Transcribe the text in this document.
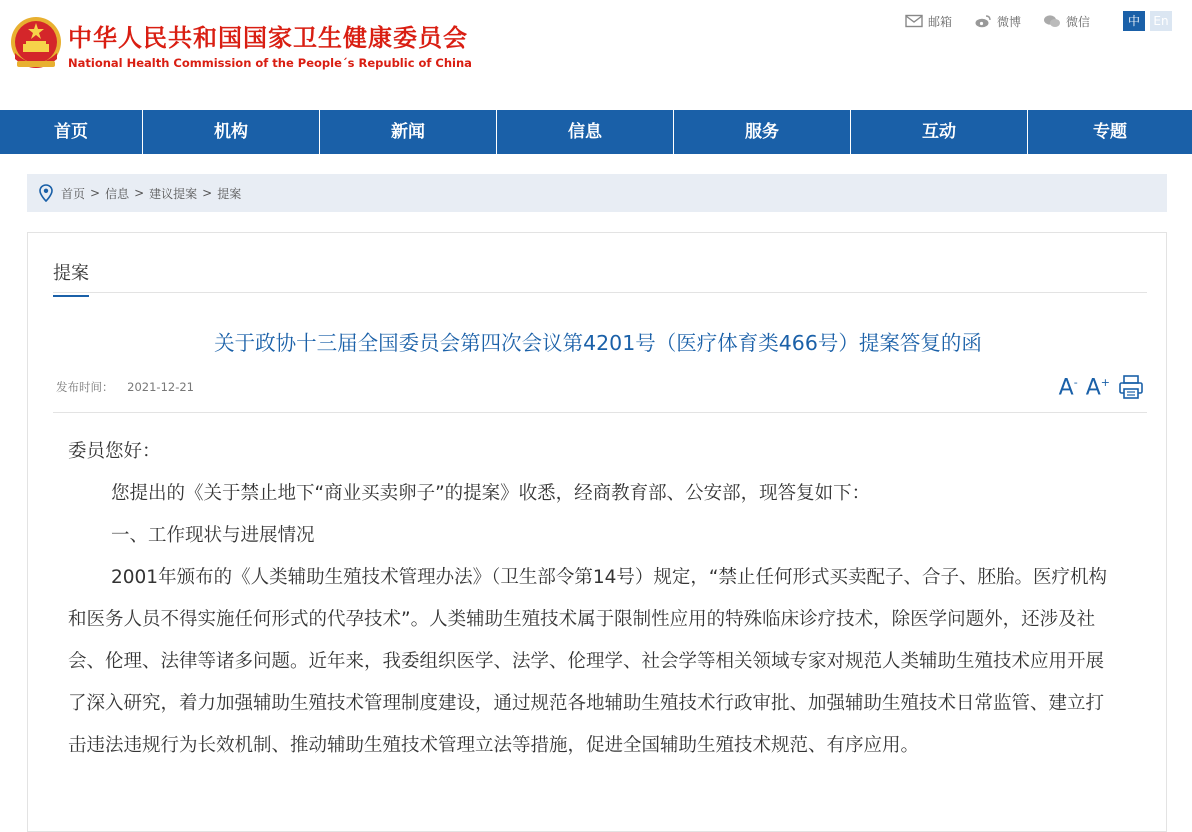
中华人民共和国国家卫生健康委员会
National Health Commission of the People´s Republic of China
邮箱	微博	微信	中	En
首页	机构	新闻	信息	服务	互动	专题
首页 > 信息 > 建议提案 > 提案
提案
关于政协十三届全国委员会第四次会议第4201号（医疗体育类466号）提案答复的函
发布时间： 2021-12-21	A- A+

委员您好：

您提出的《关于禁止地下“商业买卖卵子”的提案》收悉，经商教育部、公安部，现答复如下：

一、工作现状与进展情况

2001年颁布的《人类辅助生殖技术管理办法》（卫生部令第14号）规定，“禁止任何形式买卖配子、合子、胚胎。医疗机构和医务人员不得实施任何形式的代孕技术”。人类辅助生殖技术属于限制性应用的特殊临床诊疗技术，除医学问题外，还涉及社会、伦理、法律等诸多问题。近年来，我委组织医学、法学、伦理学、社会学等相关领域专家对规范人类辅助生殖技术应用开展了深入研究，着力加强辅助生殖技术管理制度建设，通过规范各地辅助生殖技术行政审批、加强辅助生殖技术日常监管、建立打击违法违规行为长效机制、推动辅助生殖技术管理立法等措施，促进全国辅助生殖技术规范、有序应用。
